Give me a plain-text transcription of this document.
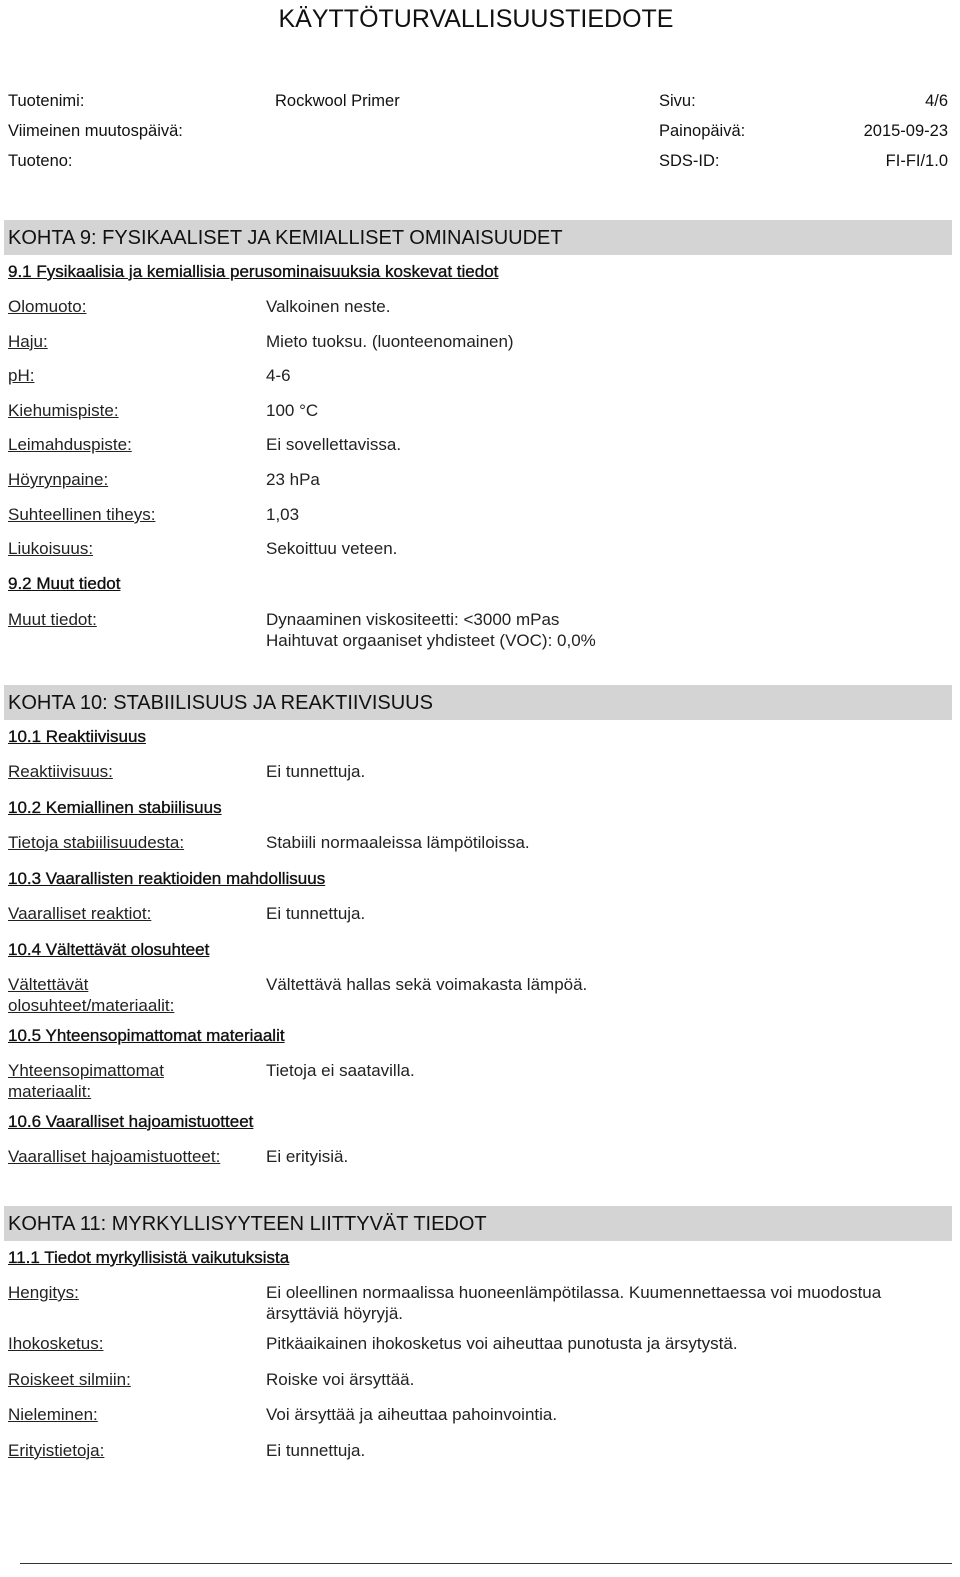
KÄYTTÖTURVALLISUUSTIEDOTE
Tuotenimi:	Rockwool Primer
Viimeinen muutospäivä:
Tuoteno:
Sivu:	4/6
Painopäivä:	2015-09-23
SDS-ID:	FI-FI/1.0
KOHTA 9: FYSIKAALISET JA KEMIALLISET OMINAISUUDET
9.1 Fysikaalisia ja kemiallisia perusominaisuuksia koskevat tiedot
Olomuoto:	Valkoinen neste.
Haju:	Mieto tuoksu. (luonteenomainen)
pH:	4-6
Kiehumispiste:	100 °C
Leimahduspiste:	Ei sovellettavissa.
Höyrynpaine:	23 hPa
Suhteellinen tiheys:	1,03
Liukoisuus:	Sekoittuu veteen.
9.2 Muut tiedot
Muut tiedot:	Dynaaminen viskositeetti: <3000 mPas
Haihtuvat orgaaniset yhdisteet (VOC): 0,0%
KOHTA 10: STABIILISUUS JA REAKTIIVISUUS
10.1 Reaktiivisuus
Reaktiivisuus:	Ei tunnettuja.
10.2 Kemiallinen stabiilisuus
Tietoja stabiilisuudesta:	Stabiili normaaleissa lämpötiloissa.
10.3 Vaarallisten reaktioiden mahdollisuus
Vaaralliset reaktiot:	Ei tunnettuja.
10.4 Vältettävät olosuhteet
Vältettävät olosuhteet/materiaalit:
Vältettävä hallas sekä voimakasta lämpöä.
10.5 Yhteensopimattomat materiaalit
Yhteensopimattomat materiaalit:
Tietoja ei saatavilla.
10.6 Vaaralliset hajoamistuotteet
Vaaralliset hajoamistuotteet:	Ei erityisiä.
KOHTA 11: MYRKYLLISYYTEEN LIITTYVÄT TIEDOT
11.1 Tiedot myrkyllisistä vaikutuksista
Hengitys:	Ei oleellinen normaalissa huoneenlämpötilassa. Kuumennettaessa voi muodostua ärsyttäviä höyryjä.
Ihokosketus:	Pitkäaikainen ihokosketus voi aiheuttaa punotusta ja ärsytystä.
Roiskeet silmiin:	Roiske voi ärsyttää.
Nieleminen:	Voi ärsyttää ja aiheuttaa pahoinvointia.
Erityistietoja:	Ei tunnettuja.
